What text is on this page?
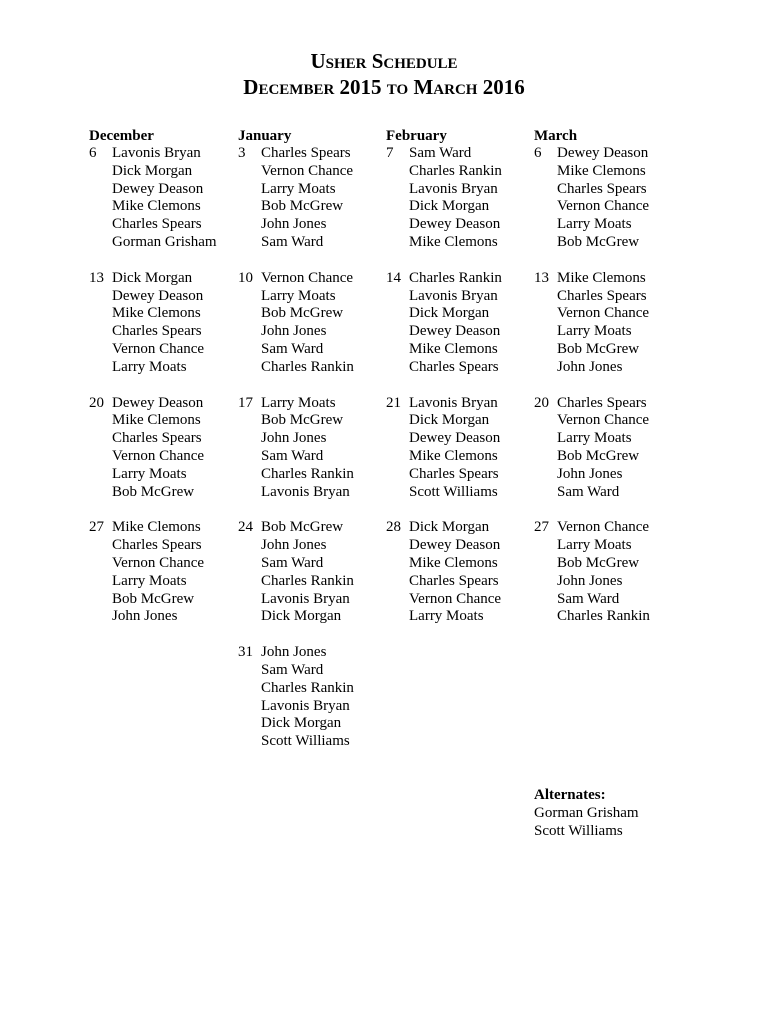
Usher Schedule
December 2015 to March 2016
December
6	Lavonis Bryan
Dick Morgan
Dewey Deason
Mike Clemons
Charles Spears
Gorman Grisham
13 Dick Morgan
Dewey Deason
Mike Clemons
Charles Spears
Vernon Chance
Larry Moats
20 Dewey Deason
Mike Clemons
Charles Spears
Vernon Chance
Larry Moats
Bob McGrew
27 Mike Clemons
Charles Spears
Vernon Chance
Larry Moats
Bob McGrew
John Jones
January
3	Charles Spears
Vernon Chance
Larry Moats
Bob McGrew
John Jones
Sam Ward
10 Vernon Chance
Larry Moats
Bob McGrew
John Jones
Sam Ward
Charles Rankin
17 Larry Moats
Bob McGrew
John Jones
Sam Ward
Charles Rankin
Lavonis Bryan
24 Bob McGrew
John Jones
Sam Ward
Charles Rankin
Lavonis Bryan
Dick Morgan
31 John Jones
Sam Ward
Charles Rankin
Lavonis Bryan
Dick Morgan
Scott Williams
February
7	Sam Ward
Charles Rankin
Lavonis Bryan
Dick Morgan
Dewey Deason
Mike Clemons
14 Charles Rankin
Lavonis Bryan
Dick Morgan
Dewey Deason
Mike Clemons
Charles Spears
21 Lavonis Bryan
Dick Morgan
Dewey Deason
Mike Clemons
Charles Spears
Scott Williams
28 Dick Morgan
Dewey Deason
Mike Clemons
Charles Spears
Vernon Chance
Larry Moats
March
6	Dewey Deason
Mike Clemons
Charles Spears
Vernon Chance
Larry Moats
Bob McGrew
13 Mike Clemons
Charles Spears
Vernon Chance
Larry Moats
Bob McGrew
John Jones
20 Charles Spears
Vernon Chance
Larry Moats
Bob McGrew
John Jones
Sam Ward
27 Vernon Chance
Larry Moats
Bob McGrew
John Jones
Sam Ward
Charles Rankin
Alternates:
Gorman Grisham
Scott Williams
